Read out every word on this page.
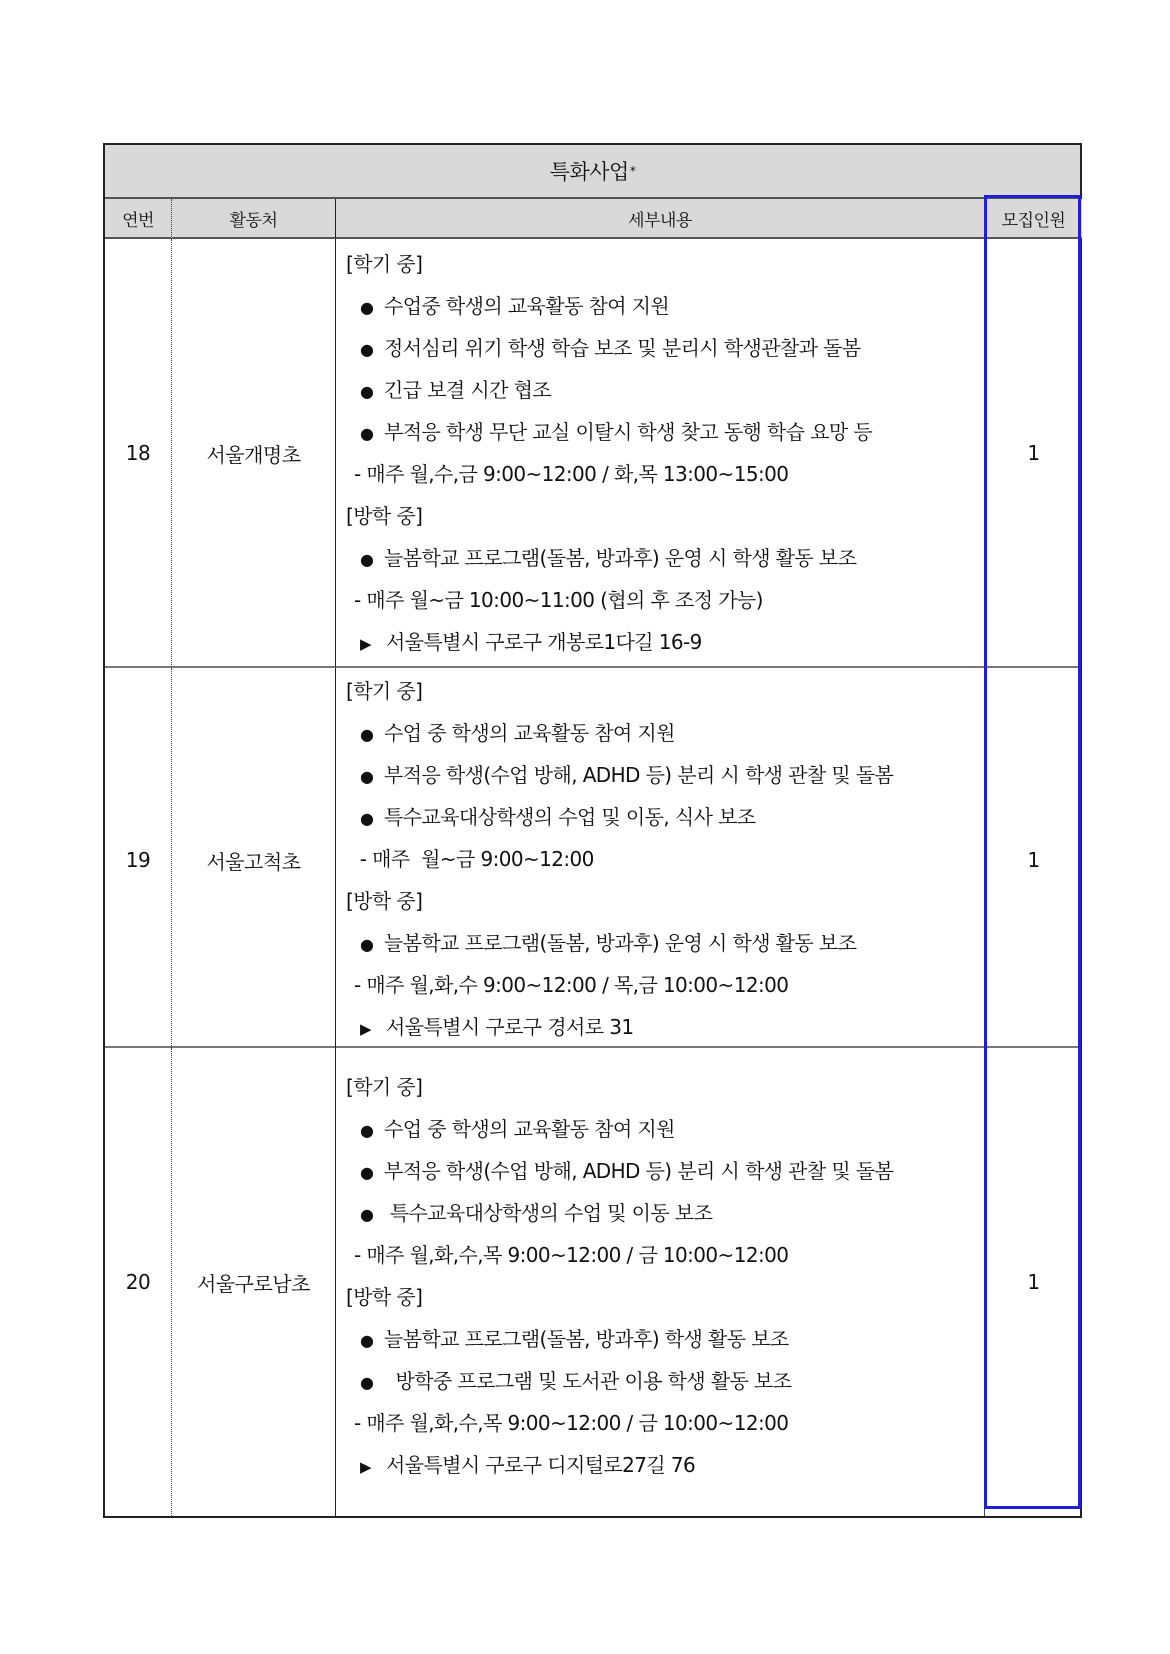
특화사업 *
연번	활동처	세부내용	모집인원
18	서울개명초
[학기 중]
● 수업중 학생의 교육활동 참여 지원
● 정서심리 위기 학생 학습 보조 및 분리시 학생관찰과 돌봄
● 긴급 보결 시간 협조
● 부적응 학생 무단 교실 이탈시 학생 찾고 동행 학습 요망 등
- 매주 월,수,금 9:00~12:00 / 화,목 13:00~15:00
[방학 중]
● 늘봄학교 프로그램(돌봄, 방과후) 운영 시 학생 활동 보조
- 매주 월~금 10:00~11:00 (협의 후 조정 가능)
▶ 서울특별시 구로구 개봉로1다길 16-9
1
19	서울고척초
[학기 중]
● 수업 중 학생의 교육활동 참여 지원
● 부적응 학생(수업 방해, ADHD 등) 분리 시 학생 관찰 및 돌봄
● 특수교육대상학생의 수업 및 이동, 식사 보조
- 매주  월~금 9:00~12:00
[방학 중]
● 늘봄학교 프로그램(돌봄, 방과후) 운영 시 학생 활동 보조
- 매주 월,화,수 9:00~12:00 / 목,금 10:00~12:00
▶ 서울특별시 구로구 경서로 31
1
20	서울구로남초
[학기 중]
● 수업 중 학생의 교육활동 참여 지원
● 부적응 학생(수업 방해, ADHD 등) 분리 시 학생 관찰 및 돌봄
● 특수교육대상학생의 수업 및 이동 보조
- 매주 월,화,수,목 9:00~12:00 / 금 10:00~12:00
[방학 중]
● 늘봄학교 프로그램(돌봄, 방과후) 학생 활동 보조
●  방학중 프로그램 및 도서관 이용 학생 활동 보조
- 매주 월,화,수,목 9:00~12:00 / 금 10:00~12:00
▶ 서울특별시 구로구 디지털로27길 76
1
